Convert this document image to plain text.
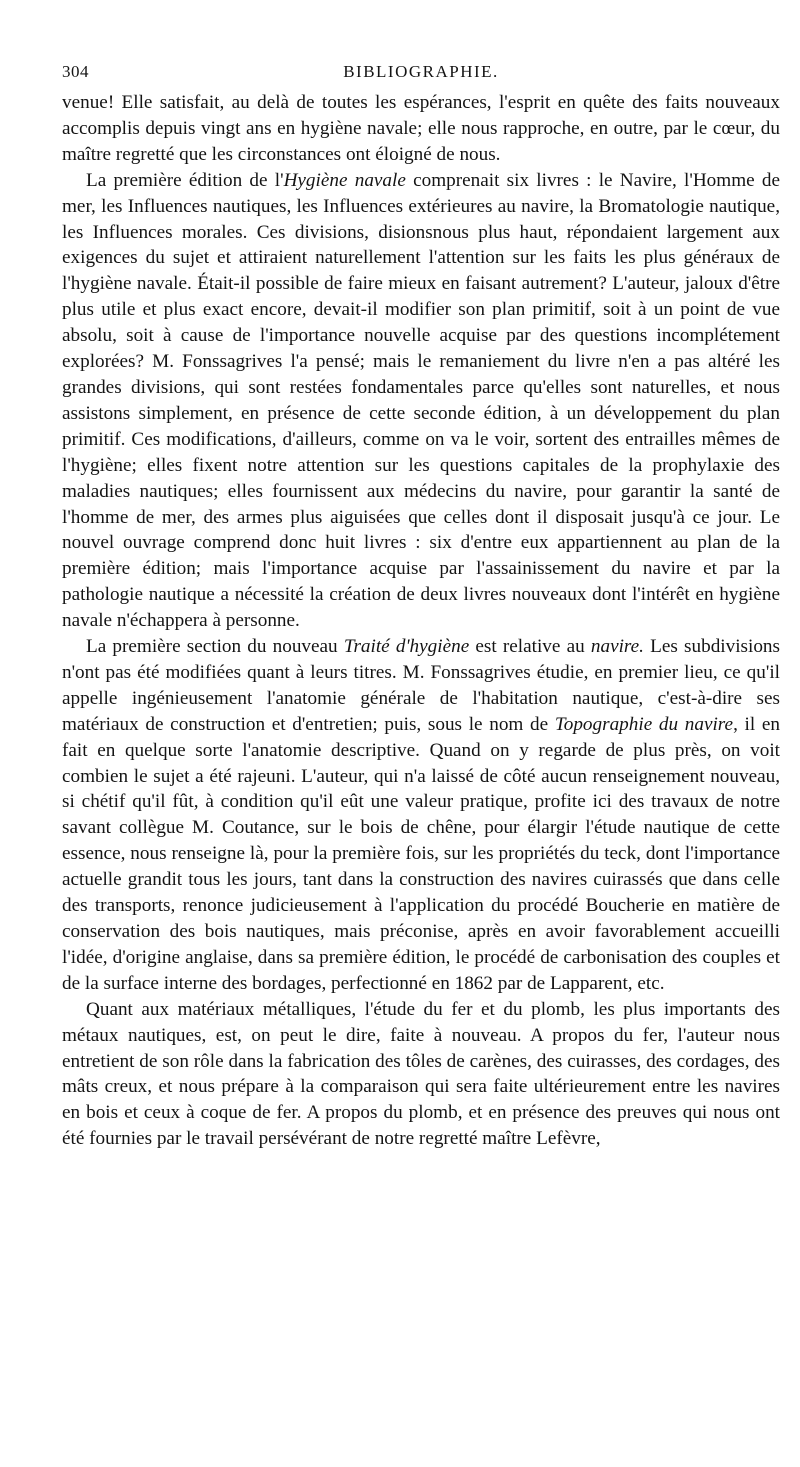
304	BIBLIOGRAPHIE.

venue! Elle satisfait, au delà de toutes les espérances, l'esprit en quête des faits nouveaux accomplis depuis vingt ans en hygiène navale; elle nous rapproche, en outre, par le cœur, du maître regretté que les circonstances ont éloigné de nous.

La première édition de l'Hygiène navale comprenait six livres : le Navire, l'Homme de mer, les Influences nautiques, les Influences extérieures au navire, la Bromatologie nautique, les Influences morales. Ces divisions, disionsnous plus haut, répondaient largement aux exigences du sujet et attiraient naturellement l'attention sur les faits les plus généraux de l'hygiène navale. Était-il possible de faire mieux en faisant autrement? L'auteur, jaloux d'être plus utile et plus exact encore, devait-il modifier son plan primitif, soit à un point de vue absolu, soit à cause de l'importance nouvelle acquise par des questions incomplétement explorées? M. Fonssagrives l'a pensé; mais le remaniement du livre n'en a pas altéré les grandes divisions, qui sont restées fondamentales parce qu'elles sont naturelles, et nous assistons simplement, en présence de cette seconde édition, à un développement du plan primitif. Ces modifications, d'ailleurs, comme on va le voir, sortent des entrailles mêmes de l'hygiène; elles fixent notre attention sur les questions capitales de la prophylaxie des maladies nautiques; elles fournissent aux médecins du navire, pour garantir la santé de l'homme de mer, des armes plus aiguisées que celles dont il disposait jusqu'à ce jour. Le nouvel ouvrage comprend donc huit livres : six d'entre eux appartiennent au plan de la première édition; mais l'importance acquise par l'assainissement du navire et par la pathologie nautique a nécessité la création de deux livres nouveaux dont l'intérêt en hygiène navale n'échappera à personne.

La première section du nouveau Traité d'hygiène est relative au navire. Les subdivisions n'ont pas été modifiées quant à leurs titres. M. Fonssagrives étudie, en premier lieu, ce qu'il appelle ingénieusement l'anatomie générale de l'habitation nautique, c'est-à-dire ses matériaux de construction et d'entretien; puis, sous le nom de Topographie du navire, il en fait en quelque sorte l'anatomie descriptive. Quand on y regarde de plus près, on voit combien le sujet a été rajeuni. L'auteur, qui n'a laissé de côté aucun renseignement nouveau, si chétif qu'il fût, à condition qu'il eût une valeur pratique, profite ici des travaux de notre savant collègue M. Coutance, sur le bois de chêne, pour élargir l'étude nautique de cette essence, nous renseigne là, pour la première fois, sur les propriétés du teck, dont l'importance actuelle grandit tous les jours, tant dans la construction des navires cuirassés que dans celle des transports, renonce judicieusement à l'application du procédé Boucherie en matière de conservation des bois nautiques, mais préconise, après en avoir favorablement accueilli l'idée, d'origine anglaise, dans sa première édition, le procédé de carbonisation des couples et de la surface interne des bordages, perfectionné en 1862 par de Lapparent, etc.

Quant aux matériaux métalliques, l'étude du fer et du plomb, les plus importants des métaux nautiques, est, on peut le dire, faite à nouveau. A propos du fer, l'auteur nous entretient de son rôle dans la fabrication des tôles de carènes, des cuirasses, des cordages, des mâts creux, et nous prépare à la comparaison qui sera faite ultérieurement entre les navires en bois et ceux à coque de fer. A propos du plomb, et en présence des preuves qui nous ont été fournies par le travail persévérant de notre regretté maître Lefèvre,
